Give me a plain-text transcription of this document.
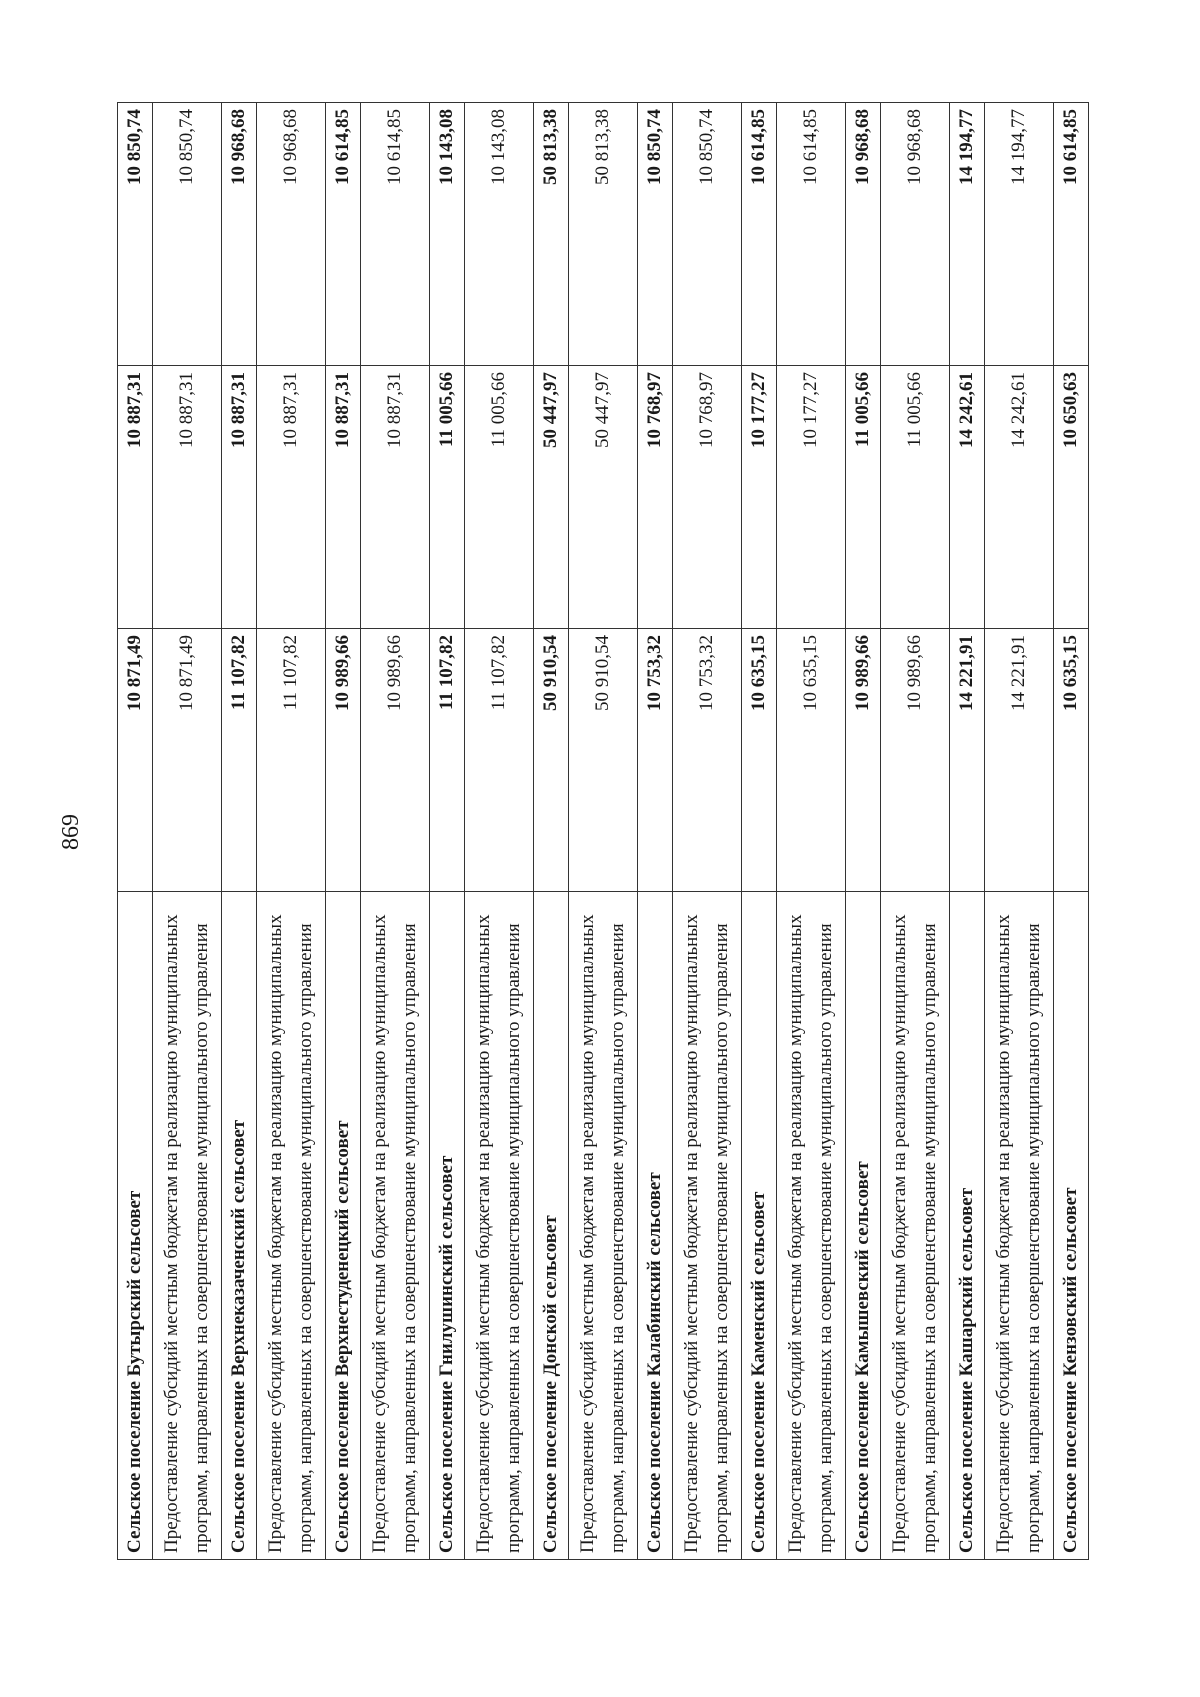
869
Сельское поселение Бутырский сельсовет	10 871,49	10 887,31	10 850,74
Предоставление субсидий местным бюджетам на реализацию муниципальных программ, направленных на совершенствование муниципального управления	10 871,49	10 887,31	10 850,74
Сельское поселение Верхнеказаченский сельсовет	11 107,82	10 887,31	10 968,68
Предоставление субсидий местным бюджетам на реализацию муниципальных программ, направленных на совершенствование муниципального управления	11 107,82	10 887,31	10 968,68
Сельское поселение Верхнестуденецкий сельсовет	10 989,66	10 887,31	10 614,85
Предоставление субсидий местным бюджетам на реализацию муниципальных программ, направленных на совершенствование муниципального управления	10 989,66	10 887,31	10 614,85
Сельское поселение Гнилушинский сельсовет	11 107,82	11 005,66	10 143,08
Предоставление субсидий местным бюджетам на реализацию муниципальных программ, направленных на совершенствование муниципального управления	11 107,82	11 005,66	10 143,08
Сельское поселение Донской сельсовет	50 910,54	50 447,97	50 813,38
Предоставление субсидий местным бюджетам на реализацию муниципальных программ, направленных на совершенствование муниципального управления	50 910,54	50 447,97	50 813,38
Сельское поселение Калабинский сельсовет	10 753,32	10 768,97	10 850,74
Предоставление субсидий местным бюджетам на реализацию муниципальных программ, направленных на совершенствование муниципального управления	10 753,32	10 768,97	10 850,74
Сельское поселение Каменский сельсовет	10 635,15	10 177,27	10 614,85
Предоставление субсидий местным бюджетам на реализацию муниципальных программ, направленных на совершенствование муниципального управления	10 635,15	10 177,27	10 614,85
Сельское поселение Камышевский сельсовет	10 989,66	11 005,66	10 968,68
Предоставление субсидий местным бюджетам на реализацию муниципальных программ, направленных на совершенствование муниципального управления	10 989,66	11 005,66	10 968,68
Сельское поселение Кашарский сельсовет	14 221,91	14 242,61	14 194,77
Предоставление субсидий местным бюджетам на реализацию муниципальных программ, направленных на совершенствование муниципального управления	14 221,91	14 242,61	14 194,77
Сельское поселение Кензовский сельсовет	10 635,15	10 650,63	10 614,85
